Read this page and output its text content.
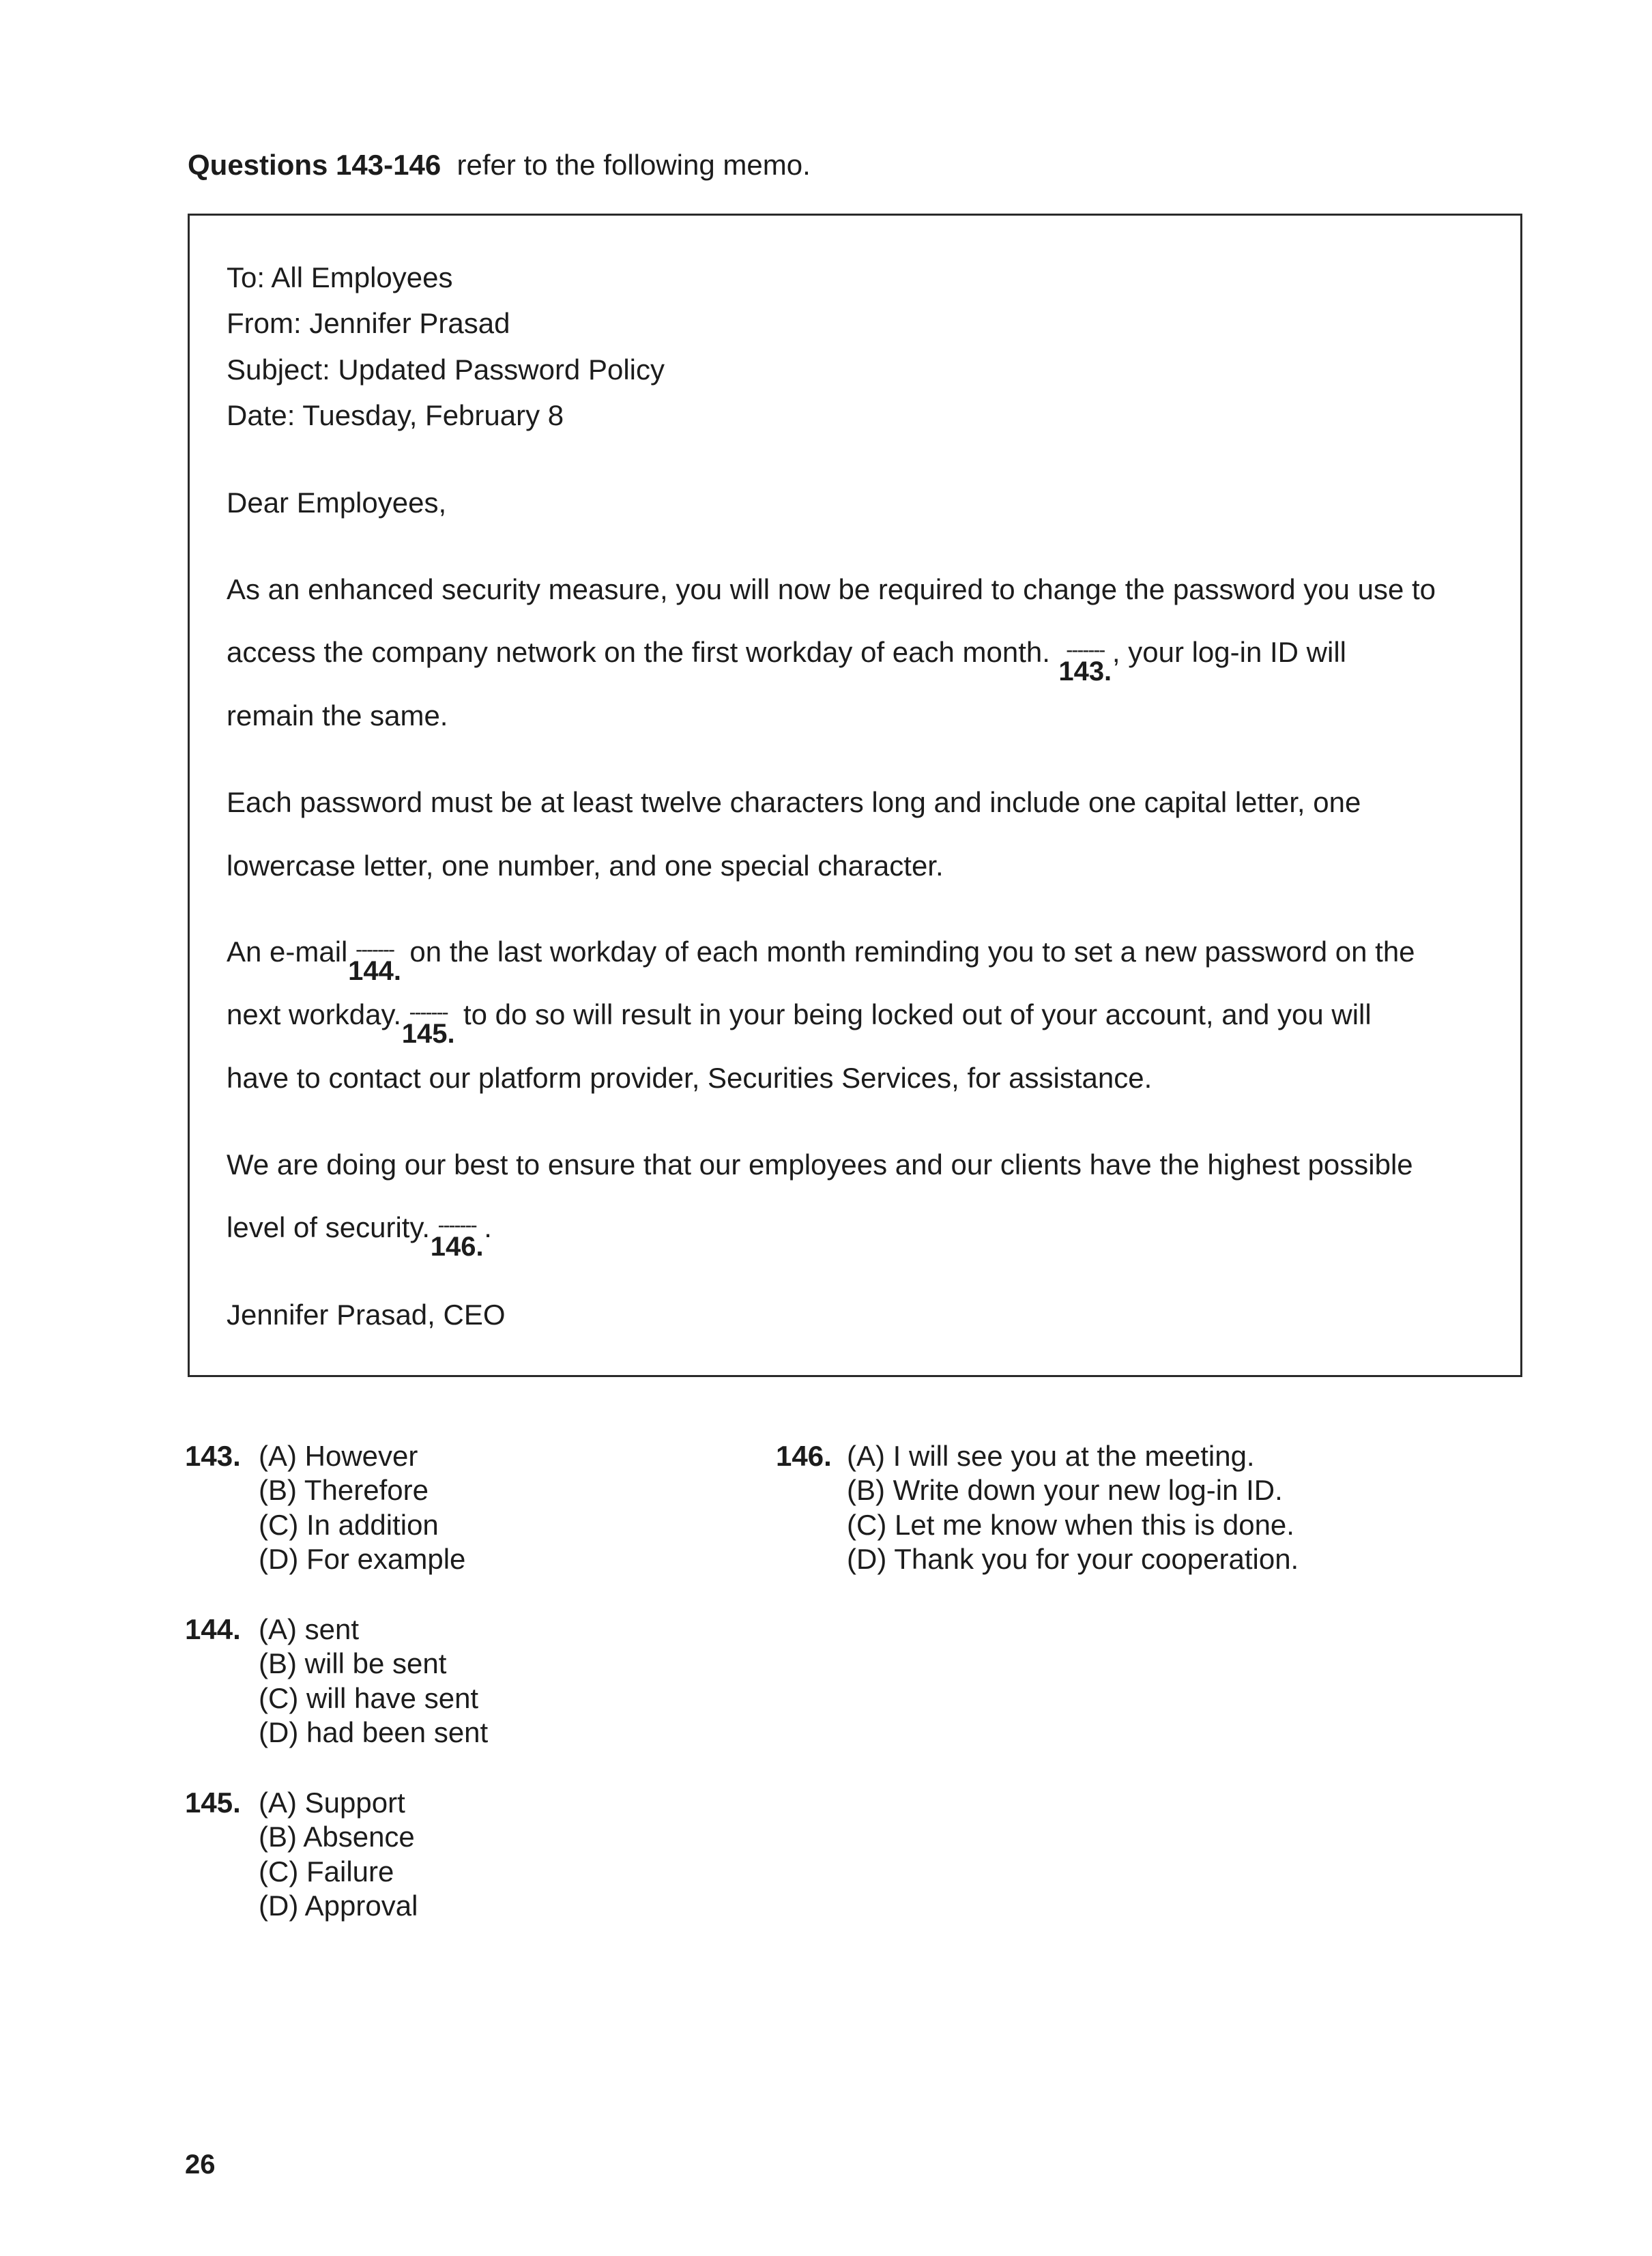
Questions 143-146 refer to the following memo.
To: All Employees
From: Jennifer Prasad
Subject: Updated Password Policy
Date: Tuesday, February 8
Dear Employees,
As an enhanced security measure, you will now be required to change the password you use to
access the company network on the first workday of each month. -------
143.
, your log-in ID will
remain the same.
Each password must be at least twelve characters long and include one capital letter, one
lowercase letter, one number, and one special character.
An e-mail -------
144.
on the last workday of each month reminding you to set a new password on the
next workday. -------
145.
to do so will result in your being locked out of your account, and you will
have to contact our platform provider, Securities Services, for assistance.
We are doing our best to ensure that our employees and our clients have the highest possible
level of security. -------
146.
.
Jennifer Prasad, CEO
143. (A) However
(B) Therefore
(C) In addition
(D) For example
144. (A) sent
(B) will be sent
(C) will have sent
(D) had been sent
145. (A) Support
(B) Absence
(C) Failure
(D) Approval
146. (A) I will see you at the meeting.
(B) Write down your new log-in ID.
(C) Let me know when this is done.
(D) Thank you for your cooperation.
26
